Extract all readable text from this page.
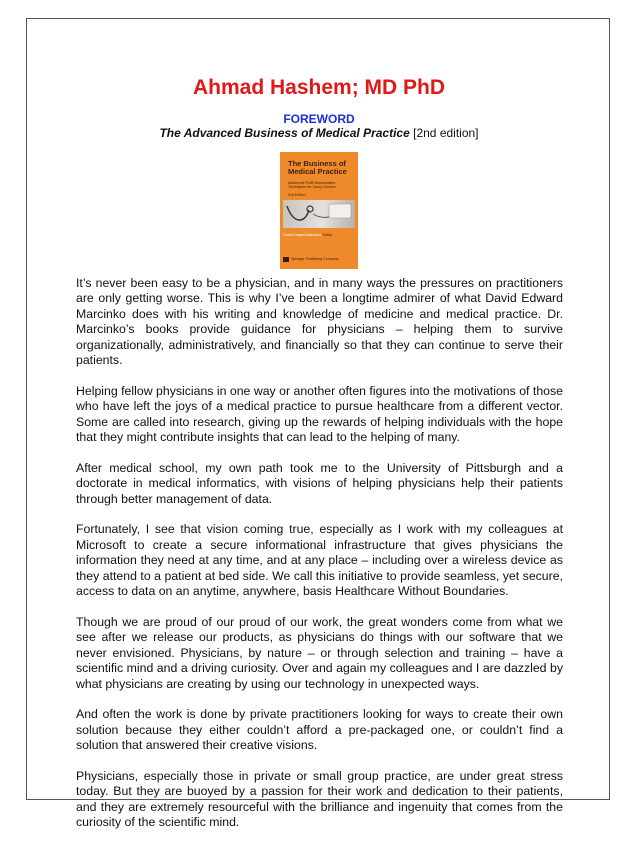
Ahmad Hashem; MD PhD
FOREWORD
The Advanced Business of Medical Practice [2nd edition]
The Business of
Medical Practice
Advanced Profit Maximization
Techniques for Savvy Doctors
2nd Edition
David Edward Marcinko Editor
Springer Publishing Company

It’s never been easy to be a physician, and in many ways the pressures on practitioners are only getting worse. This is why I’ve been a longtime admirer of what David Edward Marcinko does with his writing and knowledge of medicine and medical practice. Dr. Marcinko’s books provide guidance for physicians – helping them to survive organizationally, administratively, and financially so that they can continue to serve their patients.

Helping fellow physicians in one way or another often figures into the motivations of those who have left the joys of a medical practice to pursue healthcare from a different vector. Some are called into research, giving up the rewards of helping individuals with the hope that they might contribute insights that can lead to the helping of many.

After medical school, my own path took me to the University of Pittsburgh and a doctorate in medical informatics, with visions of helping physicians help their patients through better management of data.

Fortunately, I see that vision coming true, especially as I work with my colleagues at Microsoft to create a secure informational infrastructure that gives physicians the information they need at any time, and at any place – including over a wireless device as they attend to a patient at bed side. We call this initiative to provide seamless, yet secure, access to data on an anytime, anywhere, basis Healthcare Without Boundaries.

Though we are proud of our proud of our work, the great wonders come from what we see after we release our products, as physicians do things with our software that we never envisioned. Physicians, by nature – or through selection and training – have a scientific mind and a driving curiosity. Over and again my colleagues and I are dazzled by what physicians are creating by using our technology in unexpected ways.

And often the work is done by private practitioners looking for ways to create their own solution because they either couldn’t afford a pre-packaged one, or couldn’t find a solution that answered their creative visions.

Physicians, especially those in private or small group practice, are under great stress today. But they are buoyed by a passion for their work and dedication to their patients, and they are extremely resourceful with the brilliance and ingenuity that comes from the curiosity of the scientific mind.
